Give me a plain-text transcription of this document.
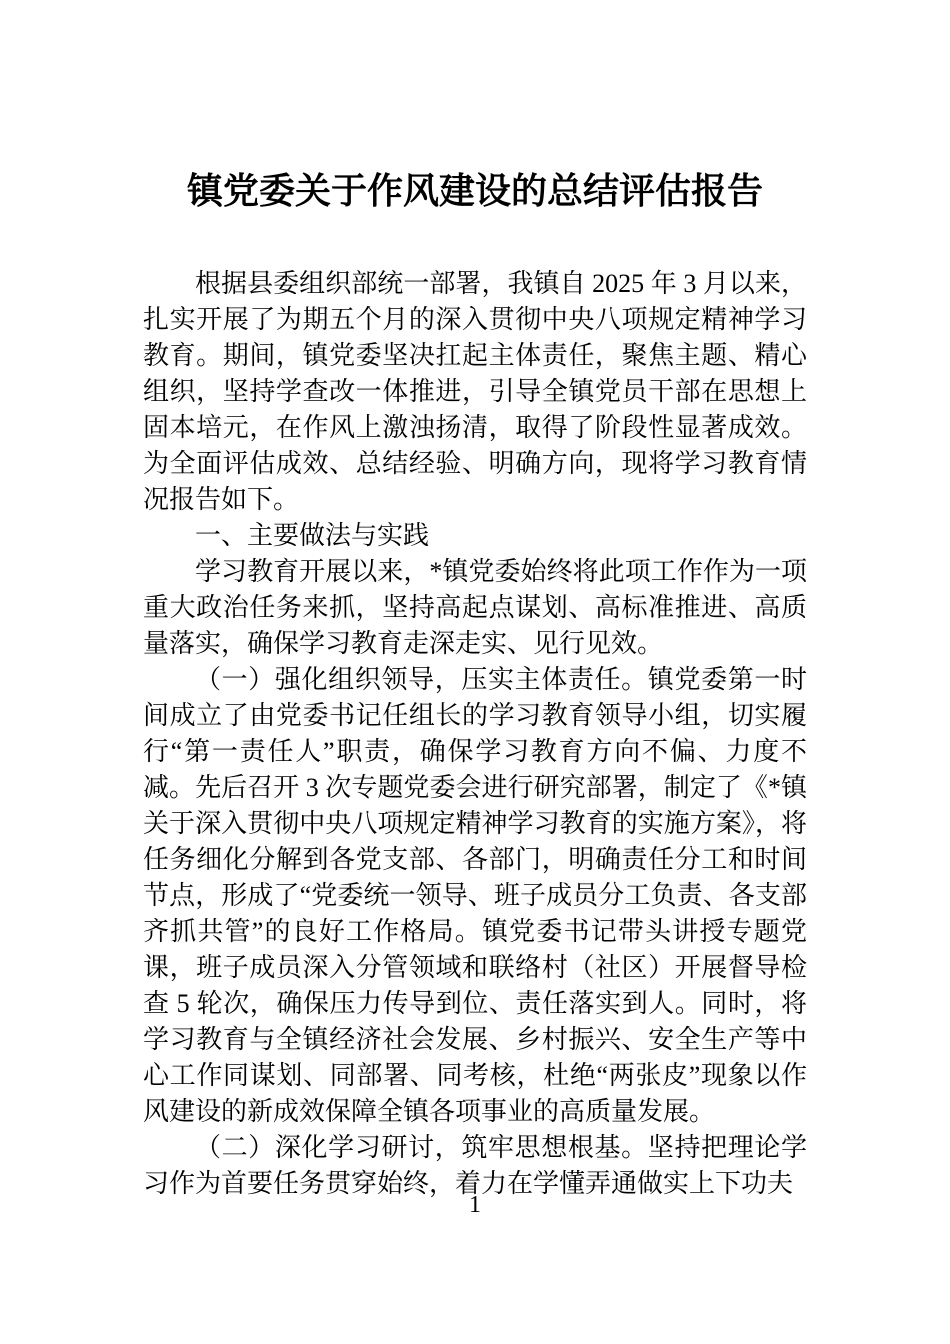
镇党委关于作风建设的总结评估报告

根据县委组织部统一部署，我镇自 2025 年 3 月以来，扎实开展了为期五个月的深入贯彻中央八项规定精神学习教育。期间，镇党委坚决扛起主体责任，聚焦主题、精心组织，坚持学查改一体推进，引导全镇党员干部在思想上固本培元，在作风上激浊扬清，取得了阶段性显著成效。为全面评估成效、总结经验、明确方向，现将学习教育情况报告如下。

一、主要做法与实践

学习教育开展以来，*镇党委始终将此项工作作为一项重大政治任务来抓，坚持高起点谋划、高标准推进、高质量落实，确保学习教育走深走实、见行见效。

（一）强化组织领导，压实主体责任。镇党委第一时间成立了由党委书记任组长的学习教育领导小组，切实履行“第一责任人”职责，确保学习教育方向不偏、力度不减。先后召开 3 次专题党委会进行研究部署，制定了《*镇关于深入贯彻中央八项规定精神学习教育的实施方案》，将任务细化分解到各党支部、各部门，明确责任分工和时间节点，形成了“党委统一领导、班子成员分工负责、各支部齐抓共管”的良好工作格局。镇党委书记带头讲授专题党课，班子成员深入分管领域和联络村（社区）开展督导检查 5 轮次，确保压力传导到位、责任落实到人。同时，将学习教育与全镇经济社会发展、乡村振兴、安全生产等中心工作同谋划、同部署、同考核，杜绝“两张皮”现象以作风建设的新成效保障全镇各项事业的高质量发展。

（二）深化学习研讨，筑牢思想根基。坚持把理论学习作为首要任务贯穿始终，着力在学懂弄通做实上下功夫

1
